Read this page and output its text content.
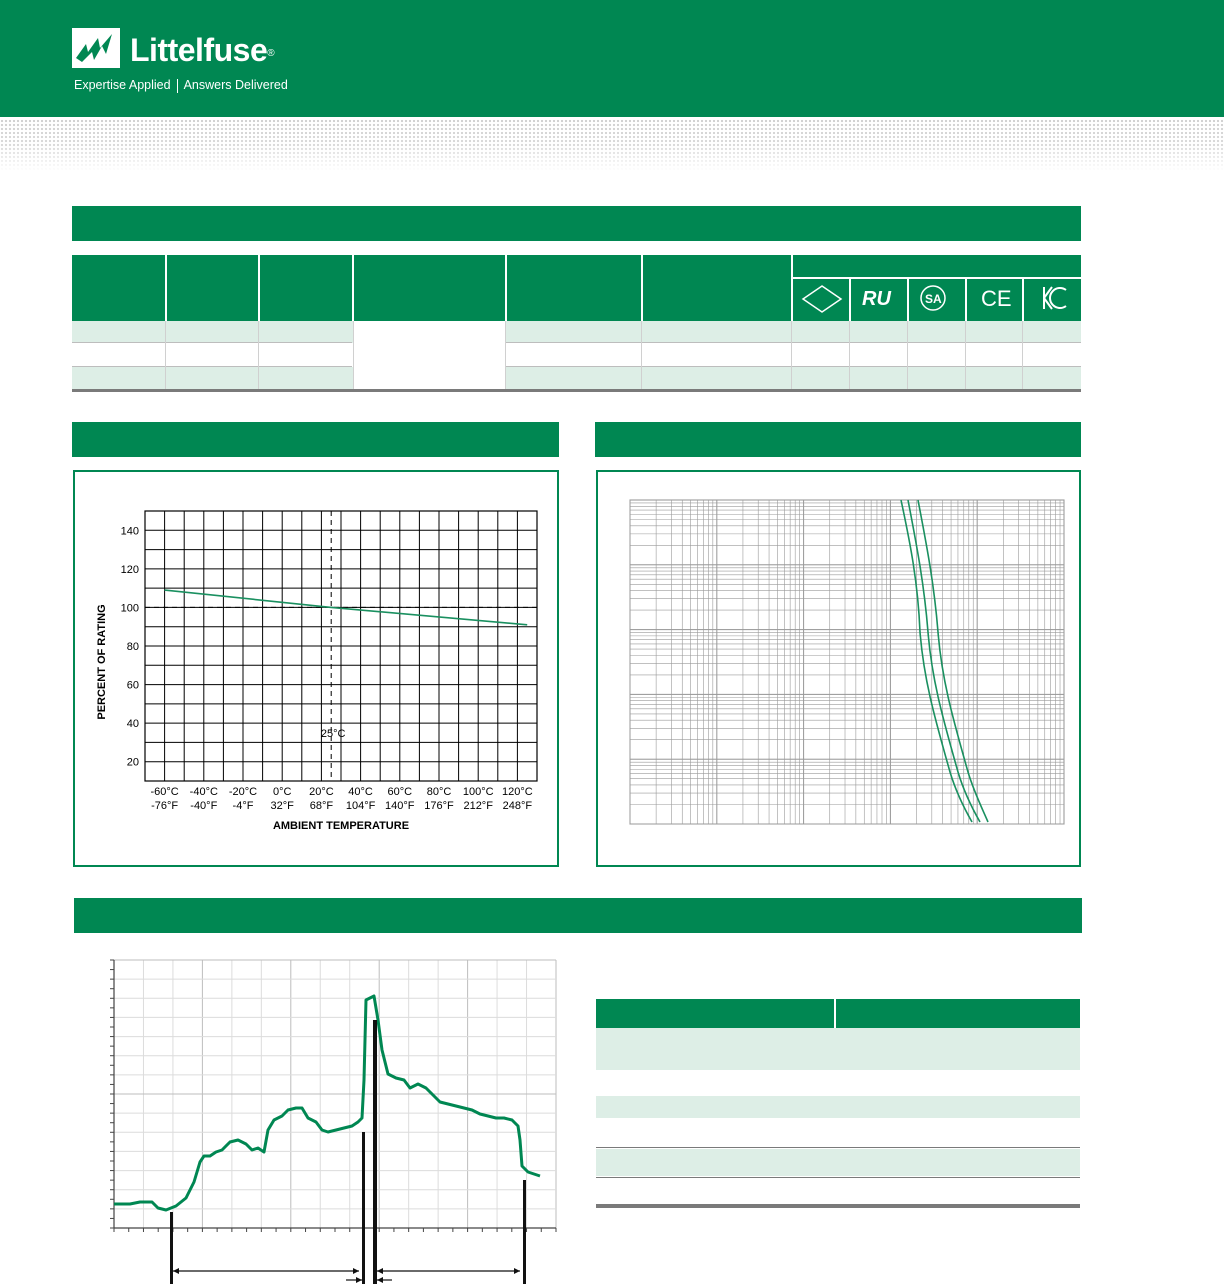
Littelfuse®
Expertise Applied Answers Delivered
RU	SA CE
20
40
60
80
100
120
140
-60°C
-76°F
-40°C
-40°F
-20°C
-4°F
0°C
32°F
20°C
68°F
40°C
104°F
60°C
140°F
80°C
176°F
100°C
212°F
120°C
248°F
PERCENT OF RATING
AMBIENT TEMPERATURE
25°C
